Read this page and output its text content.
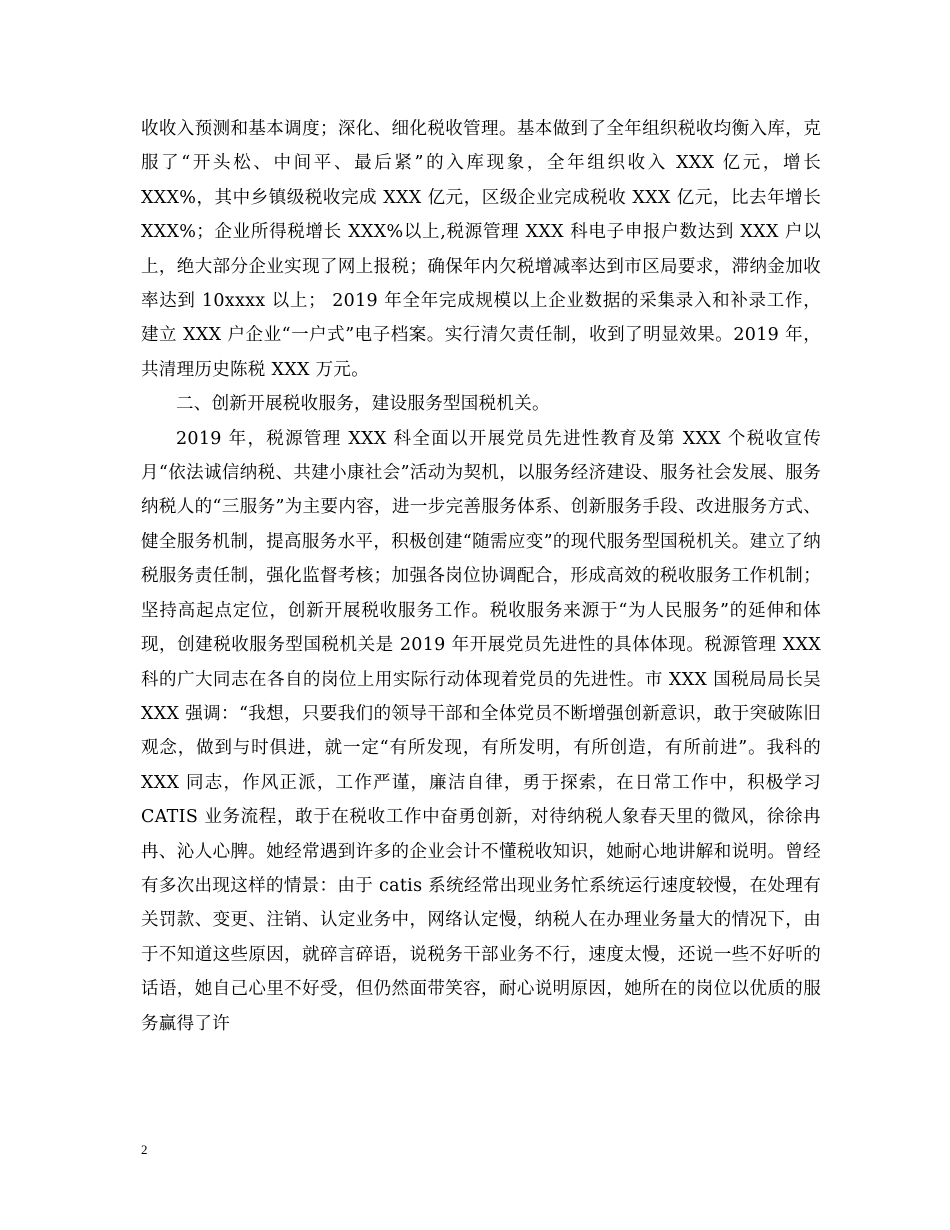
收收入预测和基本调度；深化、细化税收管理。基本做到了全年组织税收均衡入库，克服了“开头松、中间平、最后紧”的入库现象，全年组织收入 XXX 亿元，增长 XXX%，其中乡镇级税收完成 XXX 亿元，区级企业完成税收 XXX 亿元，比去年增长 XXX%；企业所得税增长 XXX%以上,税源管理 XXX 科电子申报户数达到 XXX 户以上，绝大部分企业实现了网上报税；确保年内欠税增减率达到市区局要求，滞纳金加收率达到 10xxxx 以上； 2019 年全年完成规模以上企业数据的采集录入和补录工作，建立 XXX 户企业“一户式”电子档案。实行清欠责任制，收到了明显效果。2019 年，共清理历史陈税 XXX 万元。

二、创新开展税收服务，建设服务型国税机关。

2019 年，税源管理 XXX 科全面以开展党员先进性教育及第 XXX 个税收宣传月“依法诚信纳税、共建小康社会”活动为契机，以服务经济建设、服务社会发展、服务纳税人的“三服务”为主要内容，进一步完善服务体系、创新服务手段、改进服务方式、健全服务机制，提高服务水平，积极创建“随需应变”的现代服务型国税机关。建立了纳税服务责任制，强化监督考核；加强各岗位协调配合，形成高效的税收服务工作机制；坚持高起点定位，创新开展税收服务工作。税收服务来源于“为人民服务”的延伸和体现，创建税收服务型国税机关是 2019 年开展党员先进性的具体体现。税源管理 XXX 科的广大同志在各自的岗位上用实际行动体现着党员的先进性。市 XXX 国税局局长吴 XXX 强调：“我想，只要我们的领导干部和全体党员不断增强创新意识，敢于突破陈旧观念，做到与时俱进，就一定“有所发现，有所发明，有所创造，有所前进”。我科的 XXX 同志，作风正派，工作严谨，廉洁自律，勇于探索，在日常工作中，积极学习 CATIS 业务流程，敢于在税收工作中奋勇创新，对待纳税人象春天里的微风，徐徐冉冉、沁人心脾。她经常遇到许多的企业会计不懂税收知识，她耐心地讲解和说明。曾经有多次出现这样的情景：由于 catis 系统经常出现业务忙系统运行速度较慢，在处理有关罚款、变更、注销、认定业务中，网络认定慢，纳税人在办理业务量大的情况下，由于不知道这些原因，就碎言碎语，说税务干部业务不行，速度太慢，还说一些不好听的话语，她自己心里不好受，但仍然面带笑容，耐心说明原因，她所在的岗位以优质的服务赢得了许

2
